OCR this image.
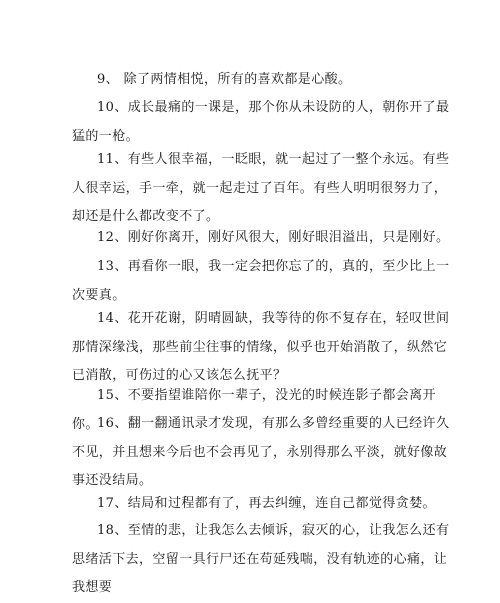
9、 除了两情相悦，所有的喜欢都是心酸。

10、成长最痛的一课是，那个你从未设防的人，朝你开了最猛的一枪。

11、有些人很幸福，一眨眼，就一起过了一整个永远。有些人很幸运，手一牵，就一起走过了百年。有些人明明很努力了，却还是什么都改变不了。

12、刚好你离开，刚好风很大，刚好眼泪溢出，只是刚好。

13、再看你一眼，我一定会把你忘了的，真的，至少比上一次要真。

14、花开花谢，阴晴圆缺，我等待的你不复存在，轻叹世间那情深缘浅，那些前尘往事的情缘，似乎也开始消散了，纵然它已消散，可伤过的心又该怎么抚平？

15、不要指望谁陪你一辈子，没光的时候连影子都会离开你。

16、翻一翻通讯录才发现，有那么多曾经重要的人已经许久不见，并且想来今后也不会再见了，永别得那么平淡，就好像故事还没结局。

17、结局和过程都有了，再去纠缠，连自己都觉得贪婪。

18、至情的悲，让我怎么去倾诉，寂灭的心，让我怎么还有思绪活下去，空留一具行尸还在苟延残喘，没有轨迹的心痛，让我想要
